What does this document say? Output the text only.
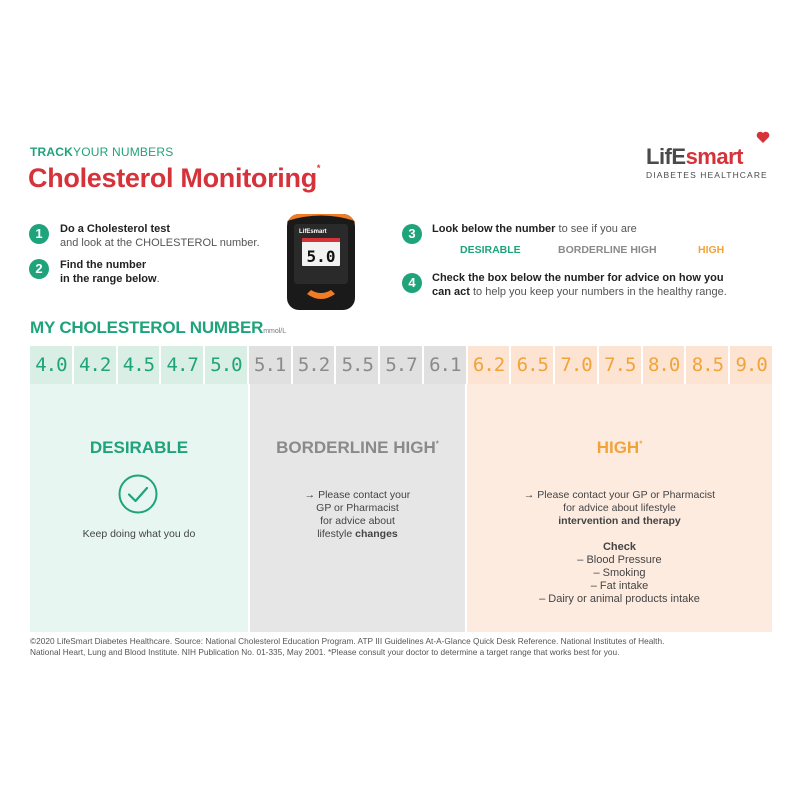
TRACKYOUR NUMBERS
Cholesterol Monitoring*	LifEsmart
DIABETES HEALTHCARE
1	Do a Cholesterol test
and look at the CHOLESTEROL number.
2	Find the number
in the range below.
LifEsmart
5.0
3	Look below the number to see if you are
DESIRABLE	BORDERLINE HIGH	HIGH
4	Check the box below the number for advice on how you
can act to help you keep your numbers in the healthy range.
MY CHOLESTEROL NUMBERmmol/L
4.0 4.2 4.5 4.7 5.0 5.1 5.2 5.5 5.7 6.1 6.2 6.5 7.0 7.5 8.0 8.5 9.0
DESIRABLE
Keep doing what you do
BORDERLINE HIGH*
→ Please contact your
GP or Pharmacist
for advice about
lifestyle changes
HIGH*
→ Please contact your GP or Pharmacist
for advice about lifestyle
intervention and therapy
Check
– Blood Pressure
– Smoking
– Fat intake
– Dairy or animal products intake
©2020 LifeSmart Diabetes Healthcare. Source: National Cholesterol Education Program. ATP III Guidelines At-A-Glance Quick Desk Reference. National Institutes of Health.
National Heart, Lung and Blood Institute. NIH Publication No. 01-335, May 2001. *Please consult your doctor to determine a target range that works best for you.
